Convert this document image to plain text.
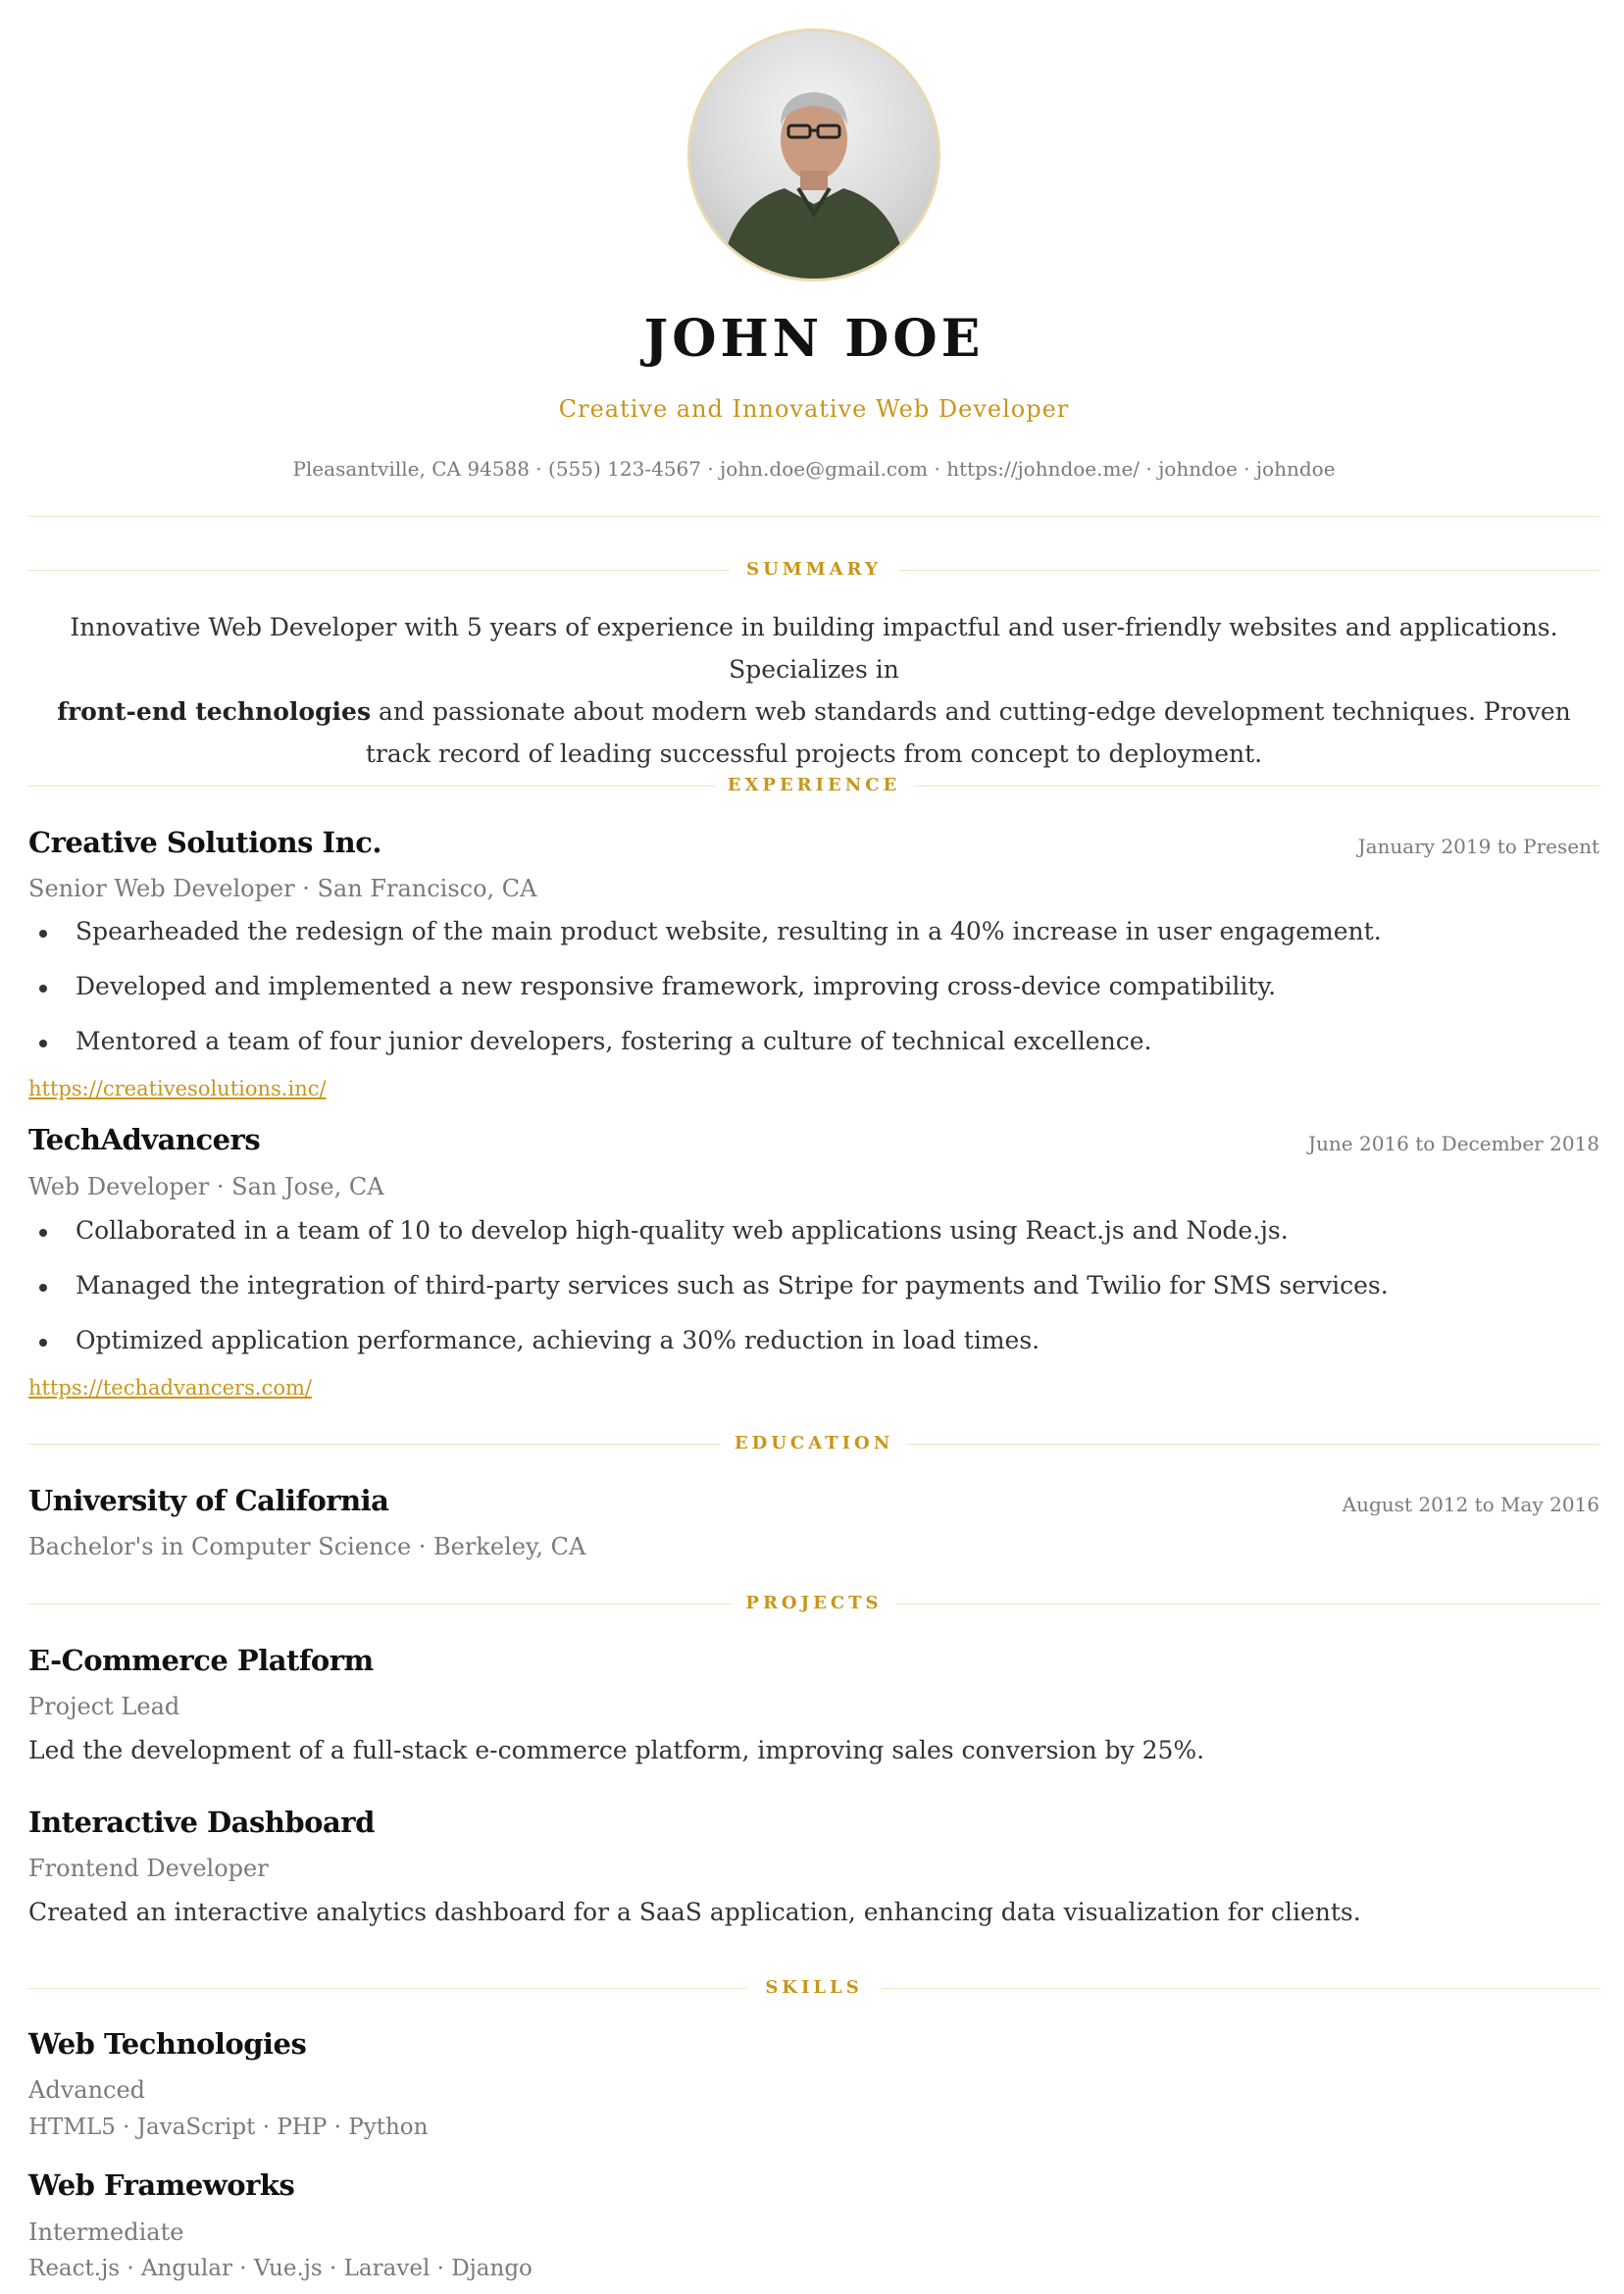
JOHN DOE
Creative and Innovative Web Developer
Pleasantville, CA 94588 · (555) 123-4567 · john.doe@gmail.com · https://johndoe.me/ · johndoe · johndoe
SUMMARY
Innovative Web Developer with 5 years of experience in building impactful and user-friendly websites and applications. Specializes in
front-end technologies and passionate about modern web standards and cutting-edge development techniques. Proven track record of leading successful projects from concept to deployment.
EXPERIENCE
Creative Solutions Inc.	January 2019 to Present
Senior Web Developer · San Francisco, CA
Spearheaded the redesign of the main product website, resulting in a 40% increase in user engagement.
Developed and implemented a new responsive framework, improving cross-device compatibility.
Mentored a team of four junior developers, fostering a culture of technical excellence.
https://creativesolutions.inc/
TechAdvancers	June 2016 to December 2018
Web Developer · San Jose, CA
Collaborated in a team of 10 to develop high-quality web applications using React.js and Node.js.
Managed the integration of third-party services such as Stripe for payments and Twilio for SMS services.
Optimized application performance, achieving a 30% reduction in load times.
https://techadvancers.com/
EDUCATION
University of California	August 2012 to May 2016
Bachelor's in Computer Science · Berkeley, CA
PROJECTS
E-Commerce Platform
Project Lead
Led the development of a full-stack e-commerce platform, improving sales conversion by 25%.
Interactive Dashboard
Frontend Developer
Created an interactive analytics dashboard for a SaaS application, enhancing data visualization for clients.
SKILLS
Web Technologies
Advanced
HTML5 · JavaScript · PHP · Python
Web Frameworks
Intermediate
React.js · Angular · Vue.js · Laravel · Django
